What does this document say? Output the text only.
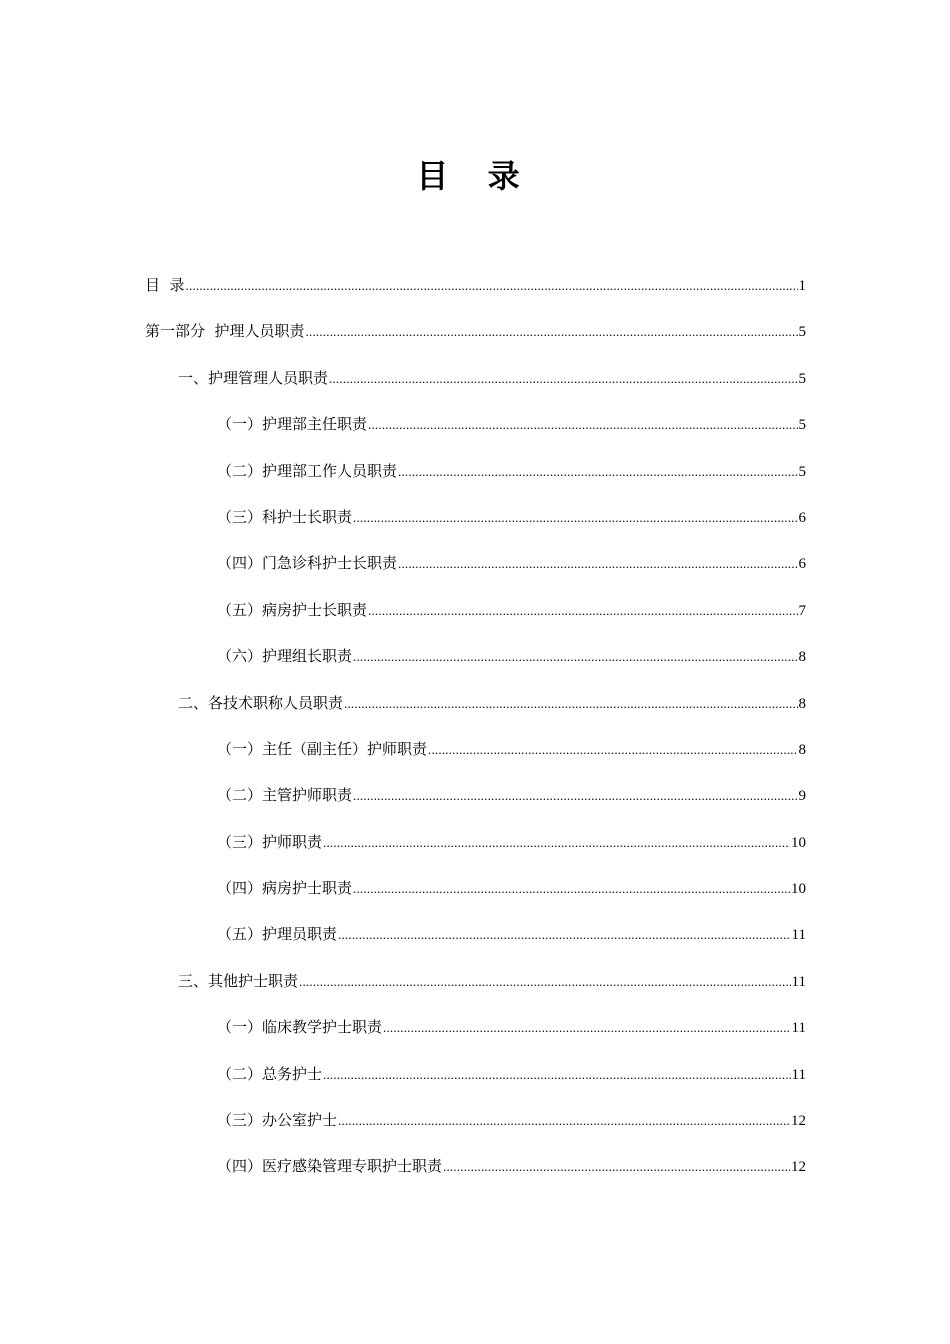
目 录
目  录 .....	1
第一部分  护理人员职责 .....	5
一、护理管理人员职责 .....	5
（一）护理部主任职责 .....	5
（二）护理部工作人员职责 .....	5
（三）科护士长职责 .....	6
（四）门急诊科护士长职责 .....	6
（五）病房护士长职责 .....	7
（六）护理组长职责 .....	8
二、各技术职称人员职责 .....	8
（一）主任（副主任）护师职责 .....	8
（二）主管护师职责 .....	9
（三）护师职责 .....	10
（四）病房护士职责 .....	10
（五）护理员职责 .....	11
三、其他护士职责 .....	11
（一）临床教学护士职责 .....	11
（二）总务护士 .....	11
（三）办公室护士 .....	12
（四）医疗感染管理专职护士职责 .....	12
